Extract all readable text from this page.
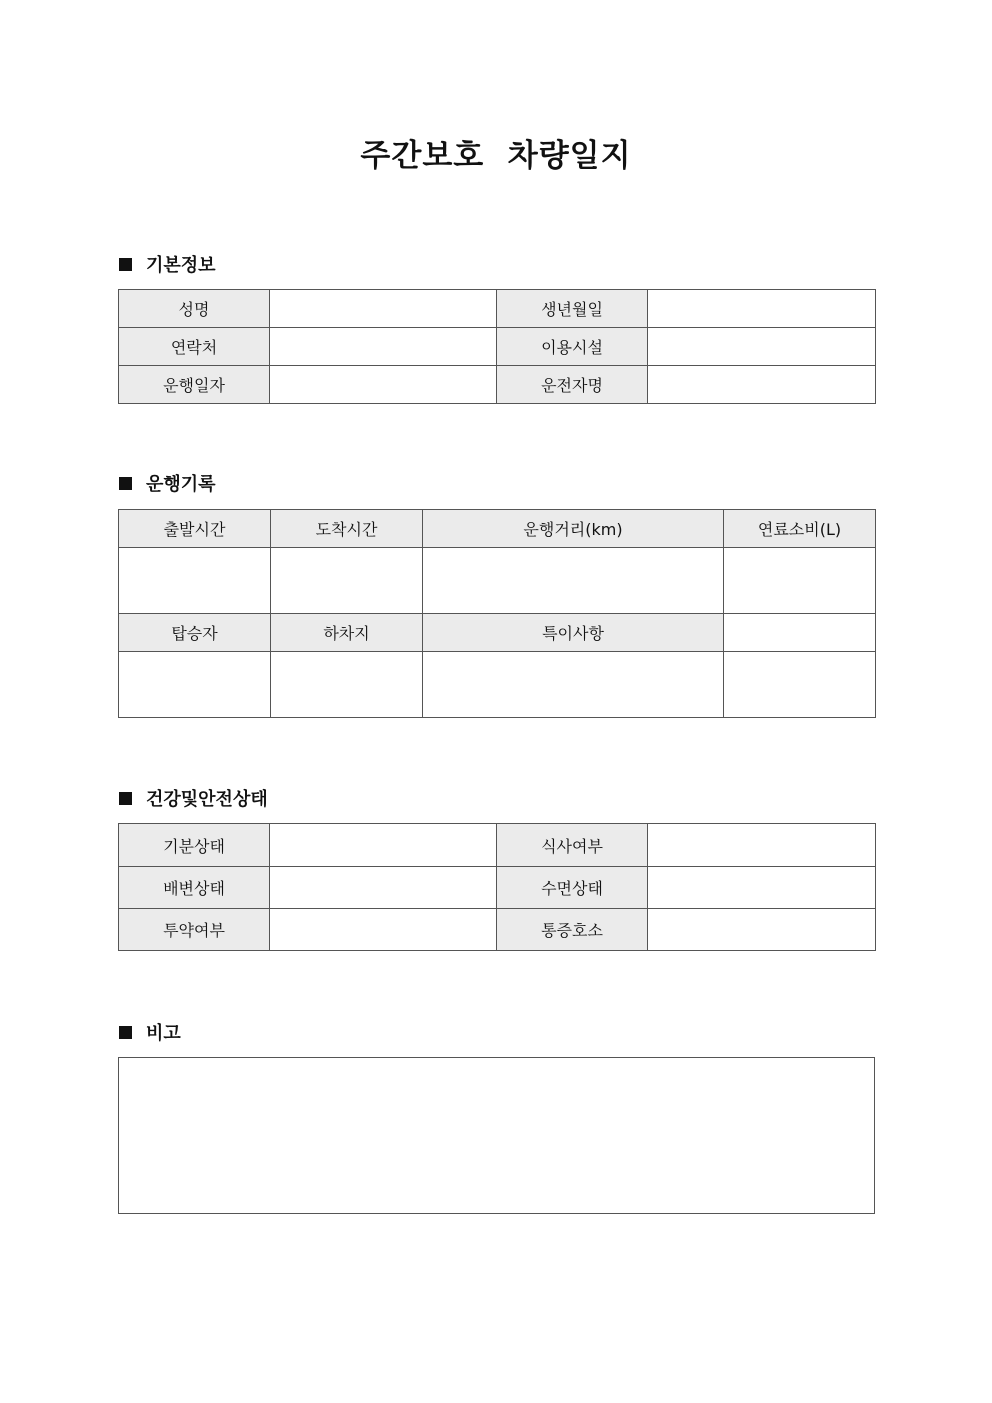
주간보호  차량일지
기본정보
성명		생년월일	
연락처		이용시설	
운행일자		운전자명	
운행기록
출발시간	도착시간	운행거리(km)	연료소비(L)

탑승자	하차지	특이사항	

건강및안전상태
기분상태		식사여부	
배변상태		수면상태	
투약여부		통증호소	
비고
